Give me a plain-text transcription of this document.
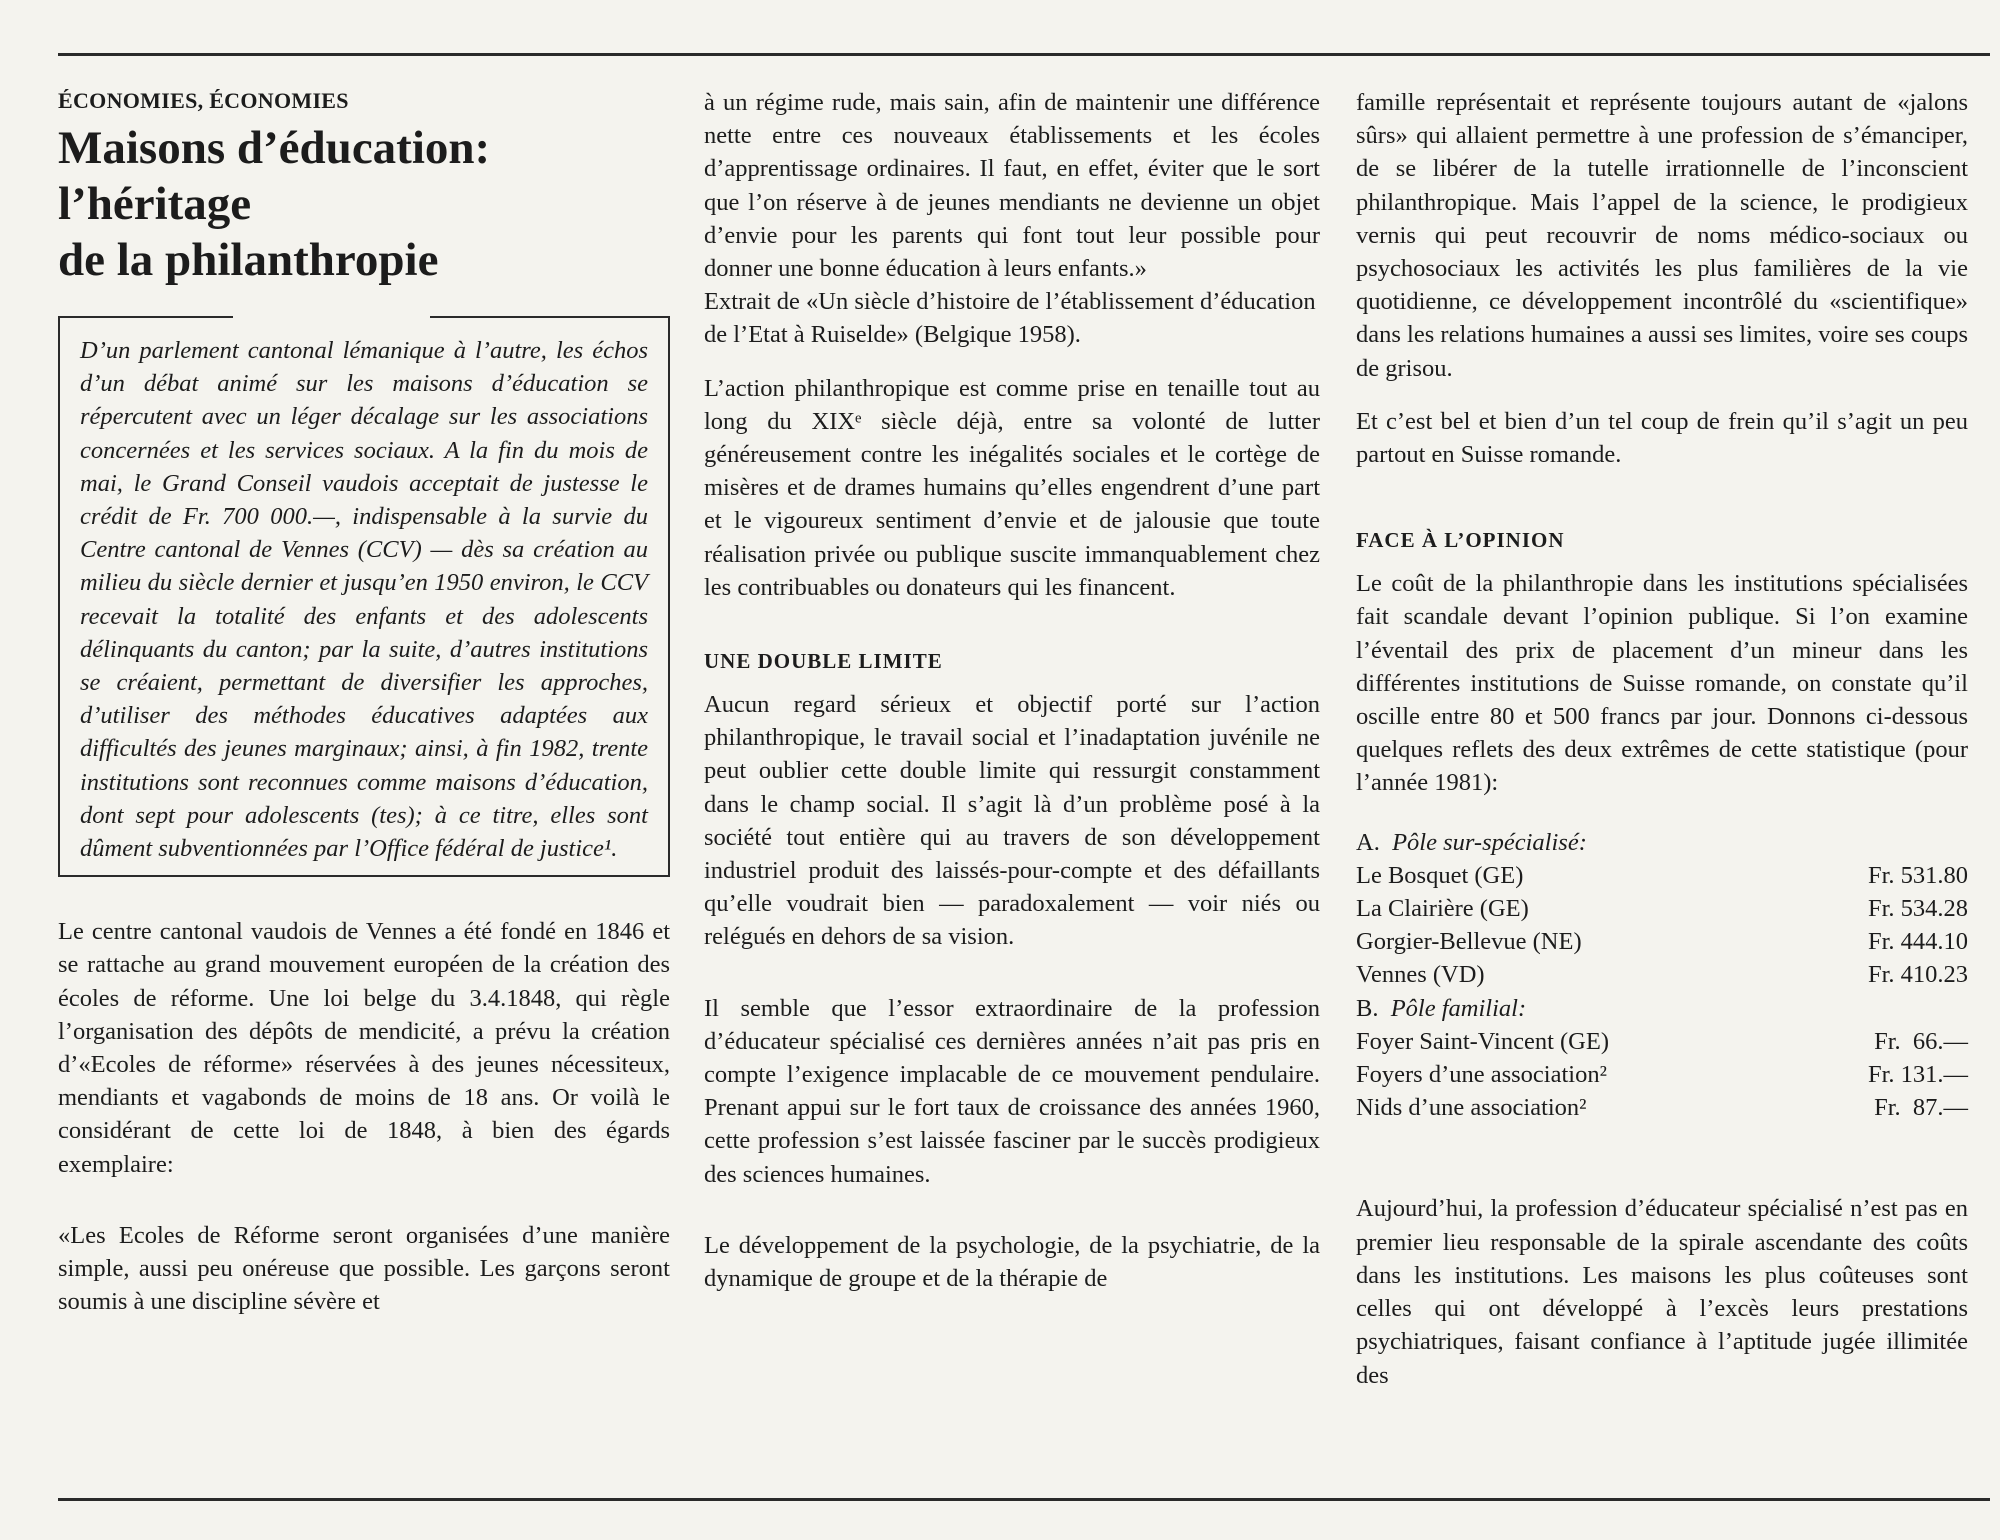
ÉCONOMIES, ÉCONOMIES
Maisons d’éducation:
l’héritage
de la philanthropie

D’un parlement cantonal lémanique à l’autre, les échos d’un débat animé sur les maisons d’éducation se répercutent avec un léger décalage sur les associations concernées et les services sociaux. A la fin du mois de mai, le Grand Conseil vaudois acceptait de justesse le crédit de Fr. 700 000.—, indispensable à la survie du Centre cantonal de Vennes (CCV) — dès sa création au milieu du siècle dernier et jusqu’en 1950 environ, le CCV recevait la totalité des enfants et des adolescents délinquants du canton; par la suite, d’autres institutions se créaient, permettant de diversifier les approches, d’utiliser des méthodes éducatives adaptées aux difficultés des jeunes marginaux; ainsi, à fin 1982, trente institutions sont reconnues comme maisons d’éducation, dont sept pour adolescents (tes); à ce titre, elles sont dûment subventionnées par l’Office fédéral de justice¹.

Le centre cantonal vaudois de Vennes a été fondé en 1846 et se rattache au grand mouvement européen de la création des écoles de réforme. Une loi belge du 3.4.1848, qui règle l’organisation des dépôts de mendicité, a prévu la création d’«Ecoles de réforme» réservées à des jeunes nécessiteux, mendiants et vagabonds de moins de 18 ans. Or voilà le considérant de cette loi de 1848, à bien des égards exemplaire:

«Les Ecoles de Réforme seront organisées d’une manière simple, aussi peu onéreuse que possible. Les garçons seront soumis à une discipline sévère et

à un régime rude, mais sain, afin de maintenir une différence nette entre ces nouveaux établissements et les écoles d’apprentissage ordinaires. Il faut, en effet, éviter que le sort que l’on réserve à de jeunes mendiants ne devienne un objet d’envie pour les parents qui font tout leur possible pour donner une bonne éducation à leurs enfants.»

Extrait de «Un siècle d’histoire de l’établissement d’éducation de l’Etat à Ruiselde» (Belgique 1958).

L’action philanthropique est comme prise en tenaille tout au long du XIXᵉ siècle déjà, entre sa volonté de lutter généreusement contre les inégalités sociales et le cortège de misères et de drames humains qu’elles engendrent d’une part et le vigoureux sentiment d’envie et de jalousie que toute réalisation privée ou publique suscite immanquablement chez les contribuables ou donateurs qui les financent.

UNE DOUBLE LIMITE

Aucun regard sérieux et objectif porté sur l’action philanthropique, le travail social et l’inadaptation juvénile ne peut oublier cette double limite qui ressurgit constamment dans le champ social. Il s’agit là d’un problème posé à la société tout entière qui au travers de son développement industriel produit des laissés-pour-compte et des défaillants qu’elle voudrait bien — paradoxalement — voir niés ou relégués en dehors de sa vision.

Il semble que l’essor extraordinaire de la profession d’éducateur spécialisé ces dernières années n’ait pas pris en compte l’exigence implacable de ce mouvement pendulaire. Prenant appui sur le fort taux de croissance des années 1960, cette profession s’est laissée fasciner par le succès prodigieux des sciences humaines.

Le développement de la psychologie, de la psychiatrie, de la dynamique de groupe et de la thérapie de

famille représentait et représente toujours autant de «jalons sûrs» qui allaient permettre à une profession de s’émanciper, de se libérer de la tutelle irrationnelle de l’inconscient philanthropique. Mais l’appel de la science, le prodigieux vernis qui peut recouvrir de noms médico-sociaux ou psychosociaux les activités les plus familières de la vie quotidienne, ce développement incontrôlé du «scientifique» dans les relations humaines a aussi ses limites, voire ses coups de grisou.

Et c’est bel et bien d’un tel coup de frein qu’il s’agit un peu partout en Suisse romande.

FACE À L’OPINION

Le coût de la philanthropie dans les institutions spécialisées fait scandale devant l’opinion publique. Si l’on examine l’éventail des prix de placement d’un mineur dans les différentes institutions de Suisse romande, on constate qu’il oscille entre 80 et 500 francs par jour. Donnons ci-dessous quelques reflets des deux extrêmes de cette statistique (pour l’année 1981):

A. Pôle sur-spécialisé:
Le Bosquet (GE)	Fr. 531.80
La Clairière (GE)	Fr. 534.28
Gorgier-Bellevue (NE)	Fr. 444.10
Vennes (VD)	Fr. 410.23
B. Pôle familial:
Foyer Saint-Vincent (GE)	Fr.  66.—
Foyers d’une association²	Fr. 131.—
Nids d’une association²	Fr.  87.—

Aujourd’hui, la profession d’éducateur spécialisé n’est pas en premier lieu responsable de la spirale ascendante des coûts dans les institutions. Les maisons les plus coûteuses sont celles qui ont développé à l’excès leurs prestations psychiatriques, faisant confiance à l’aptitude jugée illimitée des
